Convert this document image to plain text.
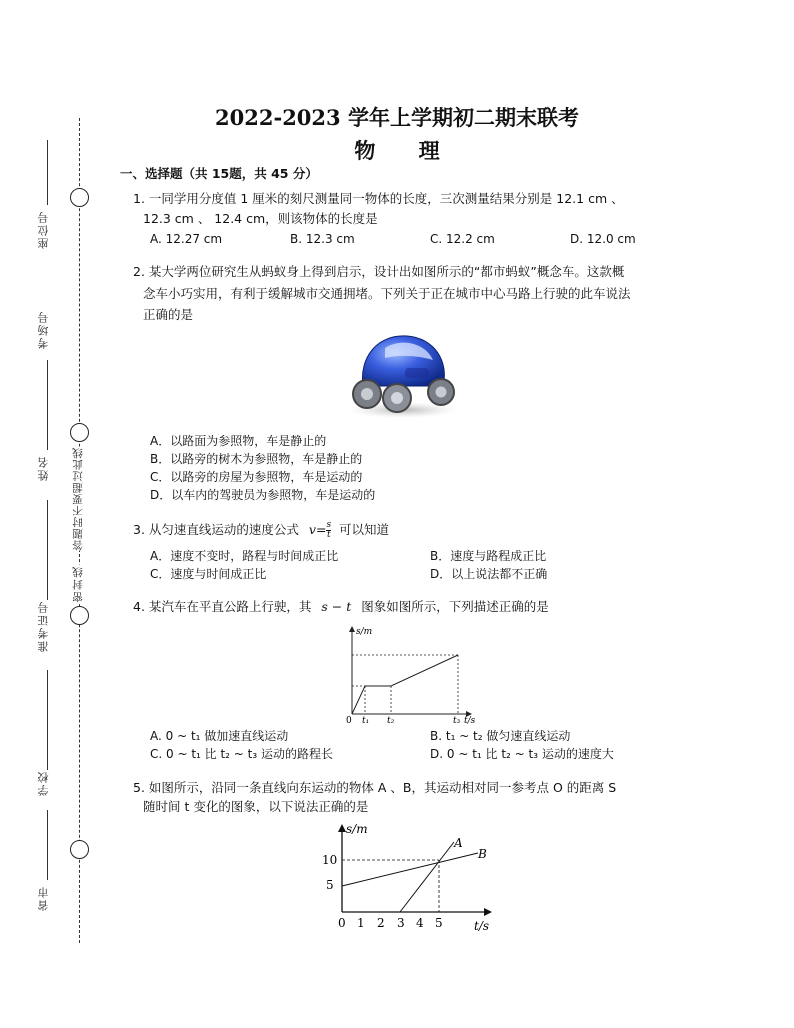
座位号
考场号
姓名 答题时不要超过此线
密封线
准考证号
学校
省市
2022-2023 学年上学期初二期末联考
物 理
一、选择题（共 15题，共 45 分）
1. 一同学用分度值 1 厘米的刻尺测量同一物体的长度，三次测量结果分别是 12.1 cm 、
12.3 cm 、 12.4 cm，则该物体的长度是
A. 12.27 cm	B. 12.3 cm	C. 12.2 cm	D. 12.0 cm
2. 某大学两位研究生从蚂蚁身上得到启示，设计出如图所示的“都市蚂蚁”概念车。这款概
念车小巧实用，有利于缓解城市交通拥堵。下列关于正在城市中心马路上行驶的此车说法
正确的是
A．以路面为参照物，车是静止的
B．以路旁的树木为参照物，车是静止的
C．以路旁的房屋为参照物，车是运动的
D．以车内的驾驶员为参照物，车是运动的
3. 从匀速直线运动的速度公式 $v= \frac{s}{t}$ 可以知道
A．速度不变时，路程与时间成正比	B．速度与路程成正比
C．速度与时间成正比	D．以上说法都不正确
4. 某汽车在平直公路上行驶，其 s − t 图象如图所示，下列描述正确的是
s/m
0 t₁ t₂	t₃ t/s
A. 0 ~ t₁ 做加速直线运动	B. t₁ ~ t₂ 做匀速直线运动
C. 0 ~ t₁ 比 t₂ ~ t₃ 运动的路程长	D. 0 ~ t₁ 比 t₂ ~ t₃ 运动的速度大
5. 如图所示，沿同一条直线向东运动的物体 A 、B，其运动相对同一参考点 O 的距离 S
随时间 t 变化的图象，以下说法正确的是
s/m
t/s
0 1 2 3 4 5
5
10
A
B
